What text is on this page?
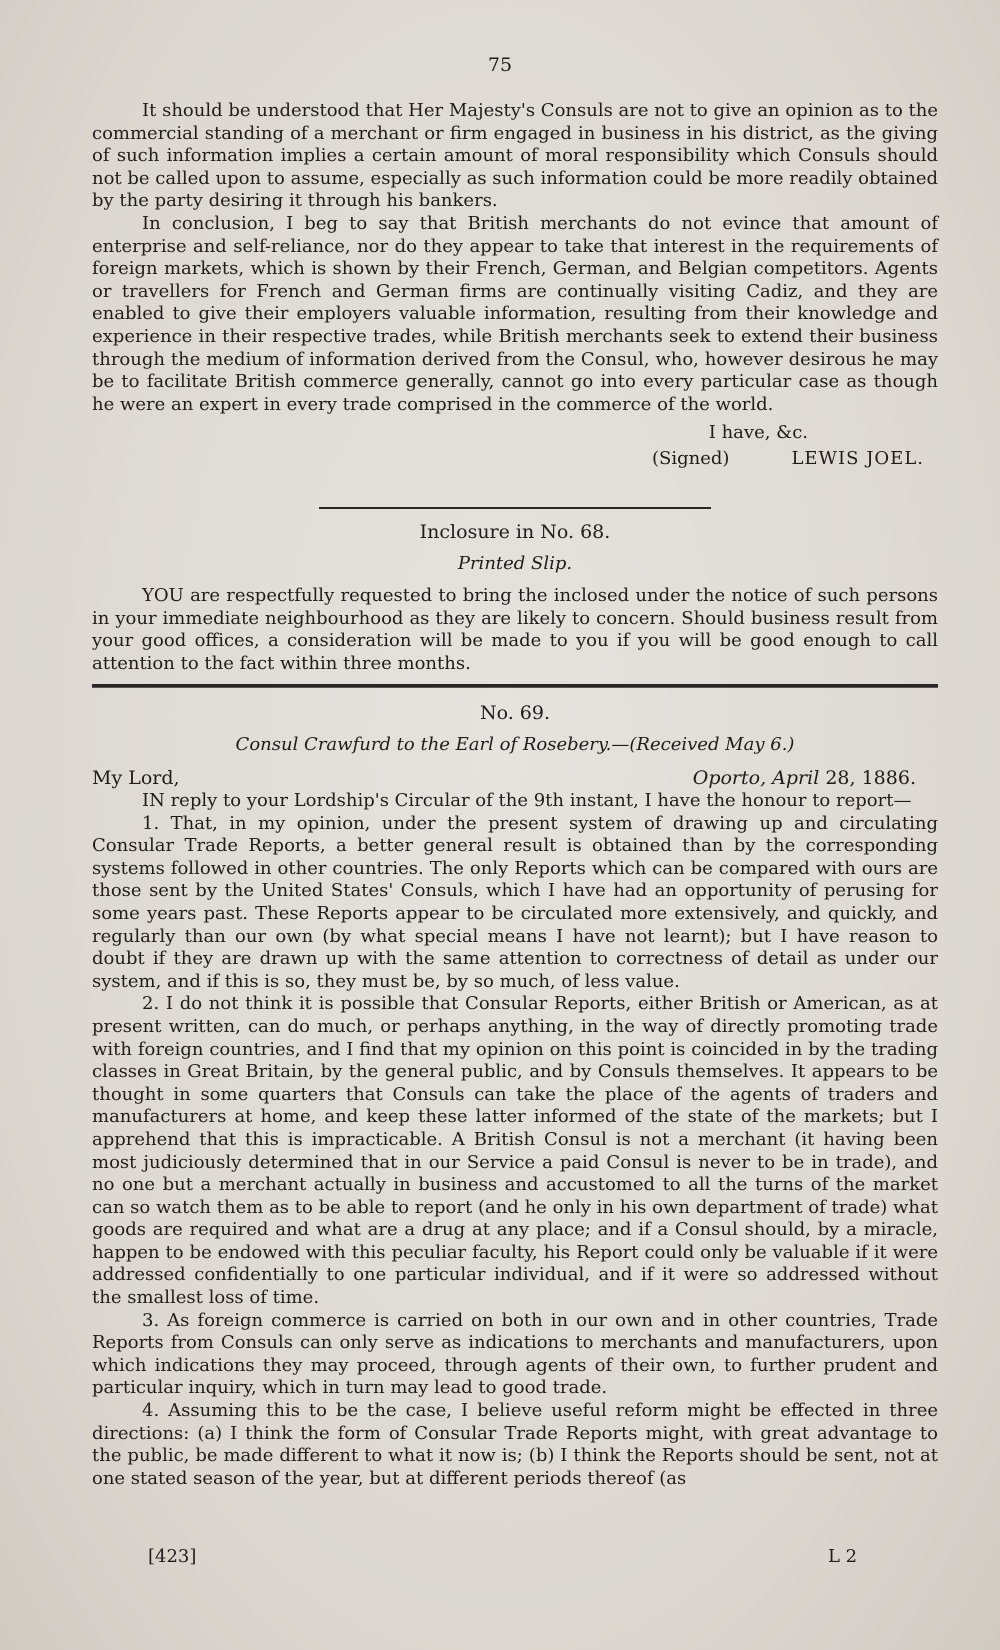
75

It should be understood that Her Majesty's Consuls are not to give an opinion as to the commercial standing of a merchant or firm engaged in business in his district, as the giving of such information implies a certain amount of moral responsibility which Consuls should not be called upon to assume, especially as such information could be more readily obtained by the party desiring it through his bankers.

In conclusion, I beg to say that British merchants do not evince that amount of enterprise and self-reliance, nor do they appear to take that interest in the requirements of foreign markets, which is shown by their French, German, and Belgian competitors. Agents or travellers for French and German firms are continually visiting Cadiz, and they are enabled to give their employers valuable information, resulting from their knowledge and experience in their respective trades, while British merchants seek to extend their business through the medium of information derived from the Consul, who, however desirous he may be to facilitate British commerce generally, cannot go into every particular case as though he were an expert in every trade comprised in the commerce of the world.

I have, &c.

(Signed)	LEWIS JOEL.
Inclosure in No. 68.
Printed Slip.

YOU are respectfully requested to bring the inclosed under the notice of such persons in your immediate neighbourhood as they are likely to concern. Should business result from your good offices, a consideration will be made to you if you will be good enough to call attention to the fact within three months.

No. 69.
Consul Crawfurd to the Earl of Rosebery.—(Received May 6.)
My Lord,	Oporto, April 28, 1886.

IN reply to your Lordship's Circular of the 9th instant, I have the honour to report—

1. That, in my opinion, under the present system of drawing up and circulating Consular Trade Reports, a better general result is obtained than by the corresponding systems followed in other countries. The only Reports which can be compared with ours are those sent by the United States' Consuls, which I have had an opportunity of perusing for some years past. These Reports appear to be circulated more extensively, and quickly, and regularly than our own (by what special means I have not learnt); but I have reason to doubt if they are drawn up with the same attention to correctness of detail as under our system, and if this is so, they must be, by so much, of less value.

2. I do not think it is possible that Consular Reports, either British or American, as at present written, can do much, or perhaps anything, in the way of directly promoting trade with foreign countries, and I find that my opinion on this point is coincided in by the trading classes in Great Britain, by the general public, and by Consuls themselves. It appears to be thought in some quarters that Consuls can take the place of the agents of traders and manufacturers at home, and keep these latter informed of the state of the markets; but I apprehend that this is impracticable. A British Consul is not a merchant (it having been most judiciously determined that in our Service a paid Consul is never to be in trade), and no one but a merchant actually in business and accustomed to all the turns of the market can so watch them as to be able to report (and he only in his own department of trade) what goods are required and what are a drug at any place; and if a Consul should, by a miracle, happen to be endowed with this peculiar faculty, his Report could only be valuable if it were addressed confidentially to one particular individual, and if it were so addressed without the smallest loss of time.

3. As foreign commerce is carried on both in our own and in other countries, Trade Reports from Consuls can only serve as indications to merchants and manufacturers, upon which indications they may proceed, through agents of their own, to further prudent and particular inquiry, which in turn may lead to good trade.

4. Assuming this to be the case, I believe useful reform might be effected in three directions: (a) I think the form of Consular Trade Reports might, with great advantage to the public, be made different to what it now is; (b) I think the Reports should be sent, not at one stated season of the year, but at different periods thereof (as

[423]	L 2
